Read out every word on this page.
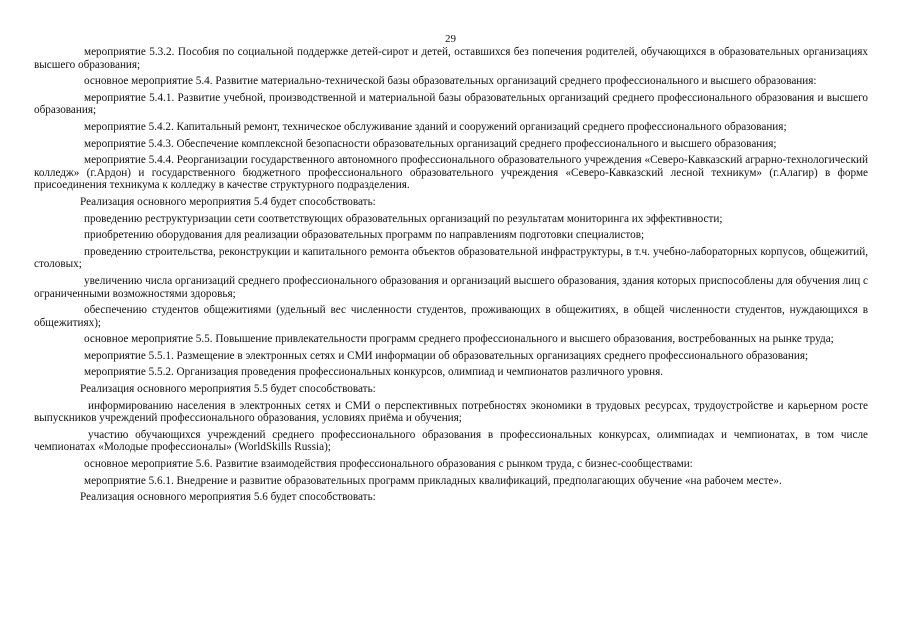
29

мероприятие 5.3.2. Пособия по социальной поддержке детей-сирот и детей, оставшихся без попечения родителей, обучающихся в образовательных организациях высшего образования;

основное мероприятие 5.4. Развитие материально-технической базы образовательных организаций среднего профессионального и высшего образования:

мероприятие 5.4.1. Развитие учебной, производственной и материальной базы образовательных организаций среднего профессионального образования и высшего образования;

мероприятие 5.4.2. Капитальный ремонт, техническое обслуживание зданий и сооружений организаций среднего профессионального образования;

мероприятие 5.4.3. Обеспечение комплексной безопасности образовательных организаций среднего профессионального и высшего образования;

мероприятие 5.4.4. Реорганизации государственного автономного профессионального образовательного учреждения «Северо-Кавказский аграрно-технологический колледж» (г.Ардон) и государственного бюджетного профессионального образовательного учреждения «Северо-Кавказский лесной техникум» (г.Алагир) в форме присоединения техникума к колледжу в качестве структурного подразделения.

Реализация основного мероприятия 5.4 будет способствовать:

проведению реструктуризации сети соответствующих образовательных организаций по результатам мониторинга их эффективности;

приобретению оборудования для реализации образовательных программ по направлениям подготовки специалистов;

проведению строительства, реконструкции и капитального ремонта объектов образовательной инфраструктуры, в т.ч. учебно-лабораторных корпусов, общежитий, столовых;

увеличению числа организаций среднего профессионального образования и организаций высшего образования, здания которых приспособлены для обучения лиц с ограниченными возможностями здоровья;

обеспечению студентов общежитиями (удельный вес численности студентов, проживающих в общежитиях, в общей численности студентов, нуждающихся в общежитиях);

основное мероприятие 5.5. Повышение привлекательности программ среднего профессионального и высшего образования, востребованных на рынке труда;

мероприятие 5.5.1. Размещение в электронных сетях и СМИ информации об образовательных организациях среднего профессионального образования;

мероприятие 5.5.2. Организация проведения профессиональных конкурсов, олимпиад и чемпионатов различного уровня.

Реализация основного мероприятия 5.5 будет способствовать:

информированию населения в электронных сетях и СМИ о перспективных потребностях экономики в трудовых ресурсах, трудоустройстве и карьерном росте выпускников учреждений профессионального образования, условиях приёма и обучения;

участию обучающихся учреждений среднего профессионального образования в профессиональных конкурсах, олимпиадах и чемпионатах, в том числе чемпионатах «Молодые профессионалы» (WorldSkills Russia);

основное мероприятие 5.6. Развитие взаимодействия профессионального образования с рынком труда, с бизнес-сообществами:

мероприятие 5.6.1. Внедрение и развитие образовательных программ прикладных квалификаций, предполагающих обучение «на рабочем месте».

Реализация основного мероприятия 5.6 будет способствовать:
